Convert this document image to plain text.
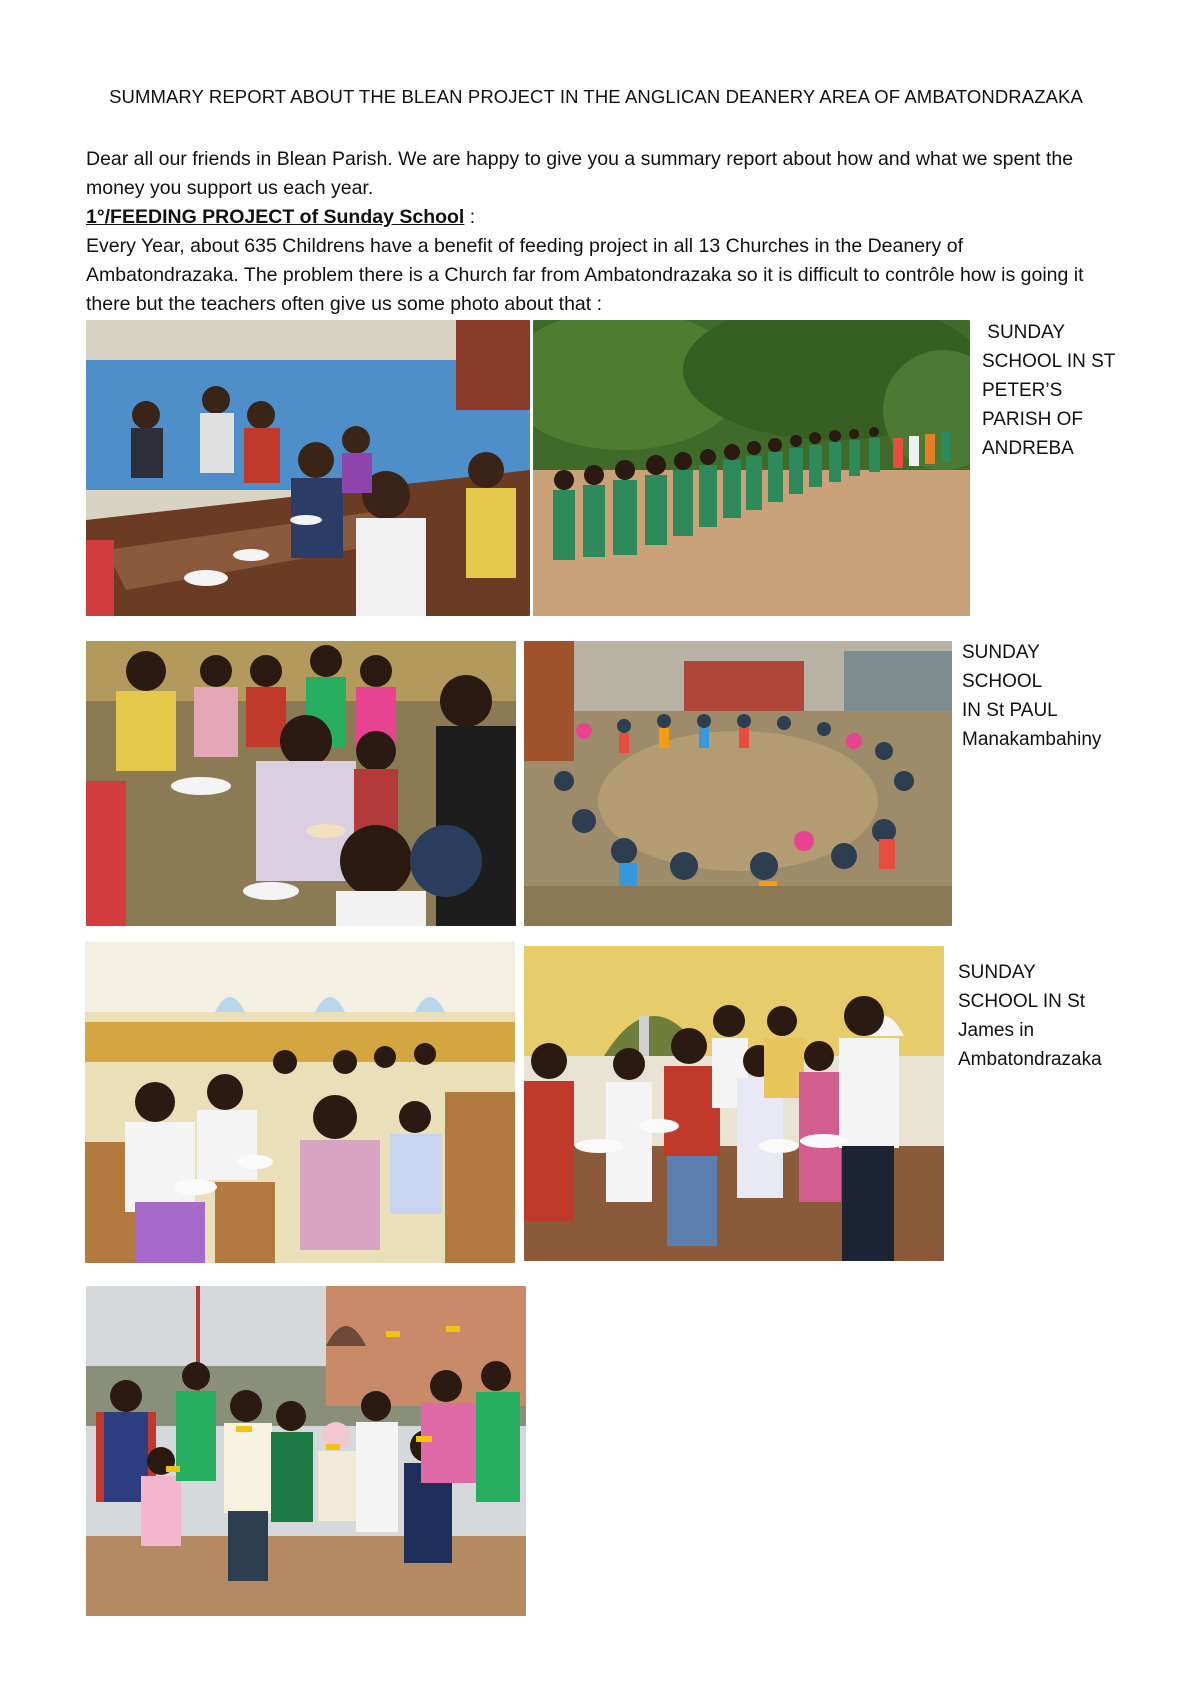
SUMMARY REPORT ABOUT THE BLEAN PROJECT IN THE ANGLICAN DEANERY AREA OF AMBATONDRAZAKA
Dear all our friends in Blean Parish. We are happy to give you a summary report about how and what we spent the money you support us each year.
1°/FEEDING PROJECT of Sunday School :
Every Year, about 635 Childrens have a benefit of feeding project in all 13 Churches in the Deanery of Ambatondrazaka. The problem there is a Church far from Ambatondrazaka so it is difficult to contrôle how is going it there but the teachers often give us some photo about that :
SUNDAY
SCHOOL IN ST
PETER’S
PARISH OF
ANDREBA
SUNDAY
SCHOOL
IN St PAUL
Manakambahiny
SUNDAY
SCHOOL IN St
James in
Ambatondrazaka
